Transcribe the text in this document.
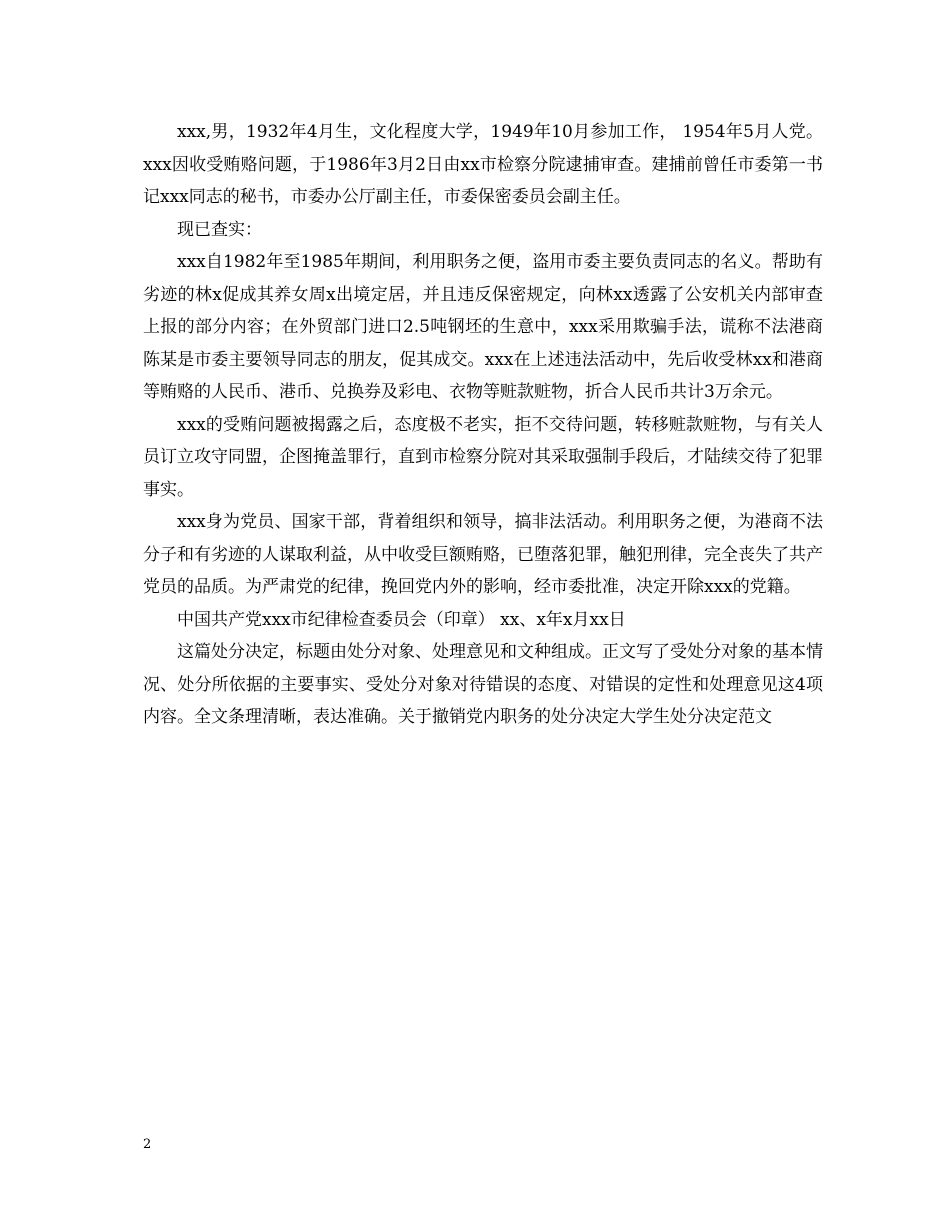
xxx,男，1932年4月生，文化程度大学，1949年10月参加工作， 1954年5月人党。xxx因收受贿赂问题，于1986年3月2日由xx市检察分院逮捕审查。建捕前曾任市委第一书记xxx同志的秘书，市委办公厅副主任，市委保密委员会副主任。

现已查实：

xxx自1982年至1985年期间，利用职务之便，盗用市委主要负责同志的名义。帮助有劣迹的林x促成其养女周x出境定居，并且违反保密规定，向林xx透露了公安机关内部审查上报的部分内容；在外贸部门进口2.5吨钢坯的生意中，xxx采用欺骗手法，谎称不法港商陈某是市委主要领导同志的朋友，促其成交。xxx在上述违法活动中，先后收受林xx和港商等贿赂的人民币、港币、兑换券及彩电、衣物等赃款赃物，折合人民币共计3万余元。

xxx的受贿问题被揭露之后，态度极不老实，拒不交待问题，转移赃款赃物，与有关人员订立攻守同盟，企图掩盖罪行，直到市检察分院对其采取强制手段后，才陆续交待了犯罪事实。

xxx身为党员、国家干部，背着组织和领导，搞非法活动。利用职务之便，为港商不法分子和有劣迹的人谋取利益，从中收受巨额贿赂，已堕落犯罪，触犯刑律，完全丧失了共产党员的品质。为严肃党的纪律，挽回党内外的影响，经市委批准，决定开除xxx的党籍。

中国共产党xxx市纪律检查委员会（印章） xx、x年x月xx日

这篇处分决定，标题由处分对象、处理意见和文种组成。正文写了受处分对象的基本情况、处分所依据的主要事实、受处分对象对待错误的态度、对错误的定性和处理意见这4项内容。全文条理清晰，表达准确。关于撤销党内职务的处分决定大学生处分决定范文

2
